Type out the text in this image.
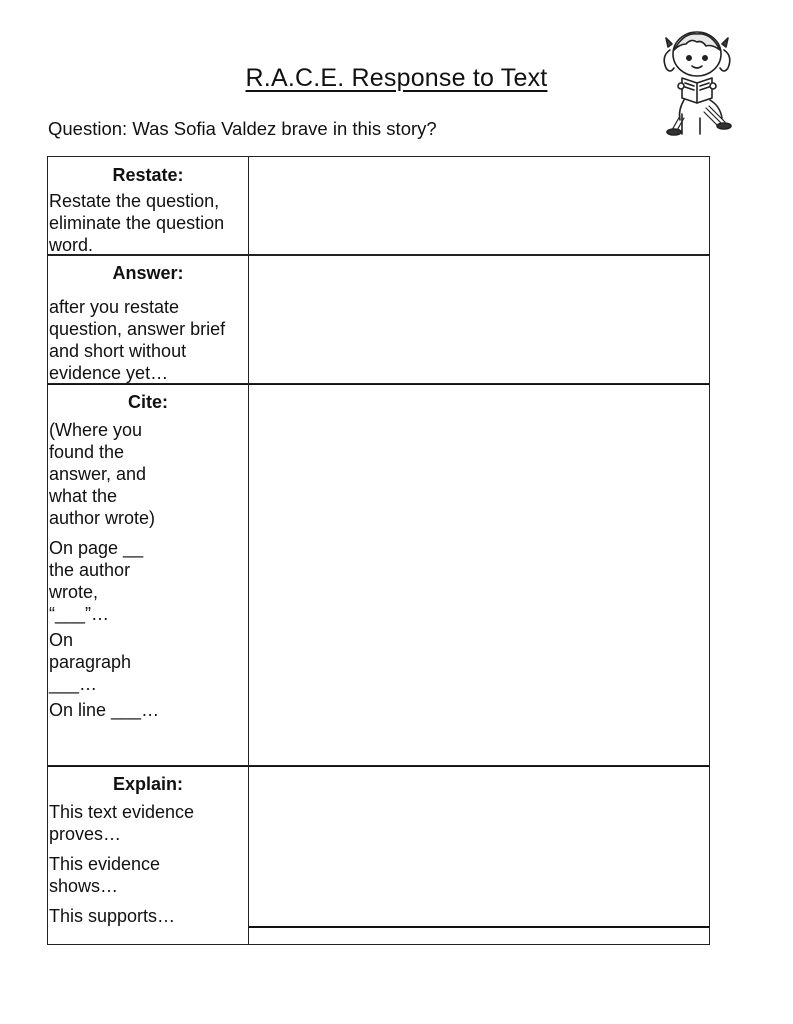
R.A.C.E. Response to Text
Question: Was Sofia Valdez brave in this story?
Restate:
Restate the question,
eliminate the question
word.
Answer:
after you restate
question, answer brief
and short without
evidence yet…
Cite:
(Where you
found the
answer, and
what the
author wrote)
On page __
the author
wrote,
“___”…
On
paragraph
___…
On line ___…
Explain:
This text evidence
proves…
This evidence
shows…
This supports…
